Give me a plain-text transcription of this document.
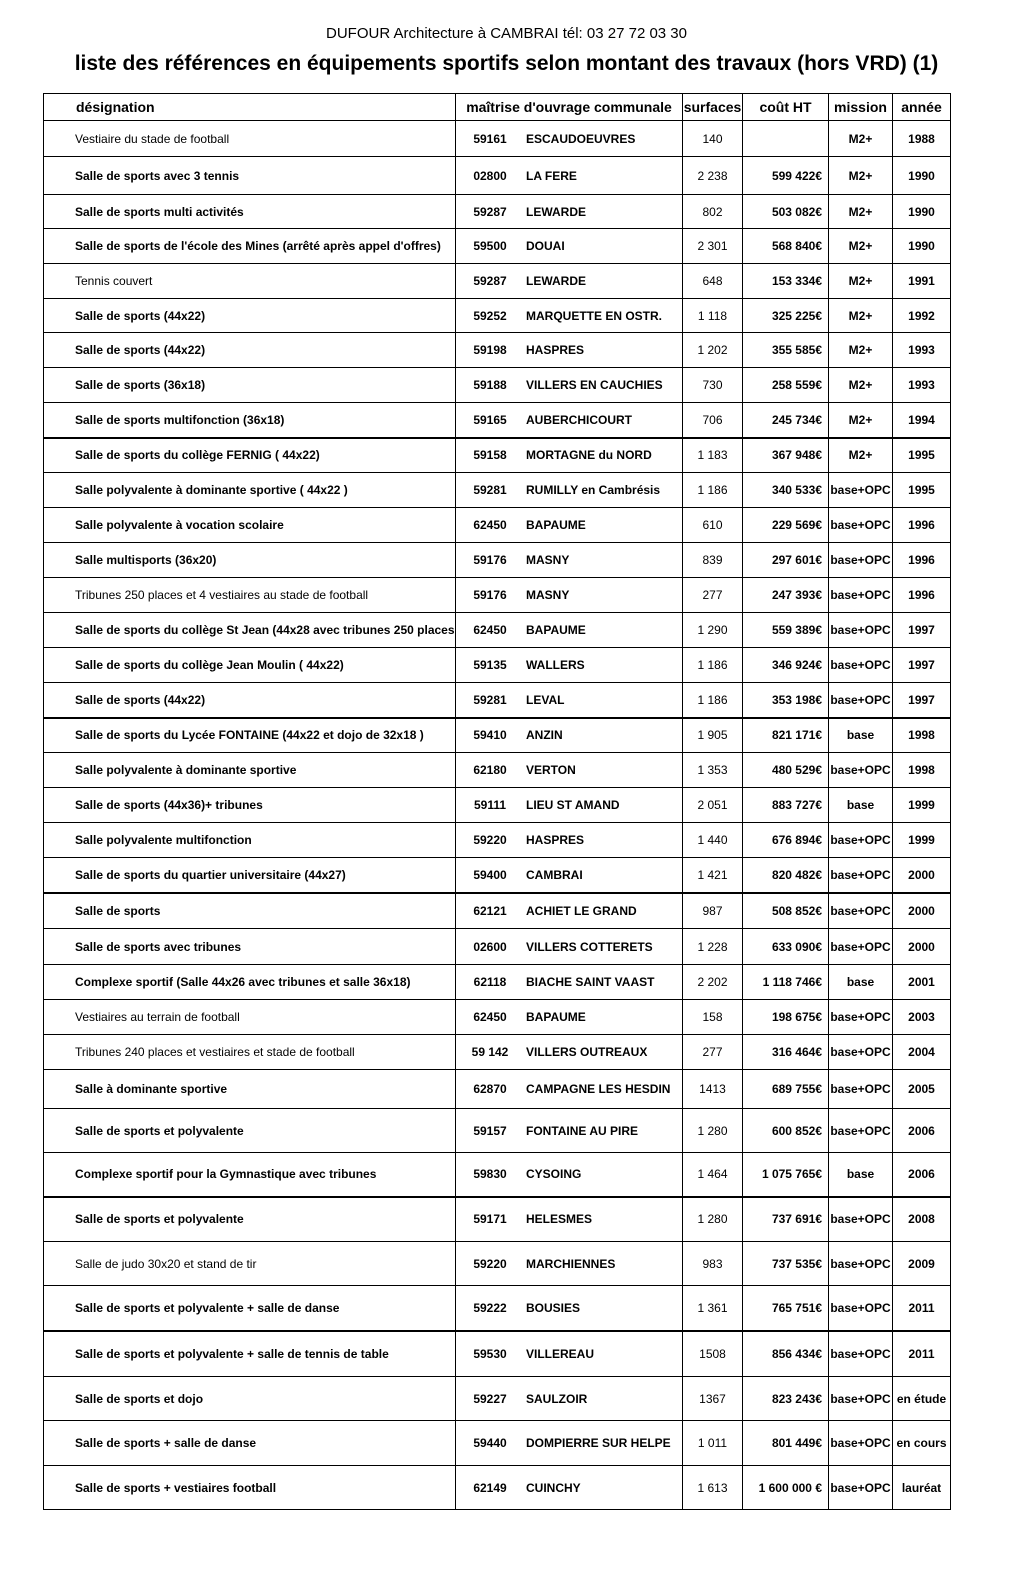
DUFOUR Architecture à CAMBRAI tél: 03 27 72 03 30
liste des références en équipements sportifs selon montant des travaux (hors VRD) (1)
désignation	maîtrise d'ouvrage communale	surfaces	coût HT	mission	année
Vestiaire du stade de football	59161 ESCAUDOEUVRES	140		M2+	1988
Salle de sports avec 3 tennis	02800 LA FERE	2 238	599 422€	M2+	1990
Salle de sports multi activités	59287 LEWARDE	802	503 082€	M2+	1990
Salle de sports de l'école des Mines (arrêté après appel d'offres)	59500 DOUAI	2 301	568 840€	M2+	1990
Tennis couvert	59287 LEWARDE	648	153 334€	M2+	1991
Salle de sports (44x22)	59252 MARQUETTE EN OSTR.	1 118	325 225€	M2+	1992
Salle de sports (44x22)	59198 HASPRES	1 202	355 585€	M2+	1993
Salle de sports (36x18)	59188 VILLERS EN CAUCHIES	730	258 559€	M2+	1993
Salle de sports multifonction (36x18)	59165 AUBERCHICOURT	706	245 734€	M2+	1994
Salle de sports du collège FERNIG ( 44x22)	59158 MORTAGNE du NORD	1 183	367 948€	M2+	1995
Salle polyvalente à dominante sportive ( 44x22 )	59281 RUMILLY en Cambrésis	1 186	340 533€	base+OPC	1995
Salle polyvalente à vocation scolaire	62450 BAPAUME	610	229 569€	base+OPC	1996
Salle multisports (36x20)	59176 MASNY	839	297 601€	base+OPC	1996
Tribunes 250 places et 4 vestiaires au stade de football	59176 MASNY	277	247 393€	base+OPC	1996
Salle de sports du collège St Jean (44x28 avec tribunes 250 places	62450 BAPAUME	1 290	559 389€	base+OPC	1997
Salle de sports du collège Jean Moulin ( 44x22)	59135 WALLERS	1 186	346 924€	base+OPC	1997
Salle de sports (44x22)	59281 LEVAL	1 186	353 198€	base+OPC	1997
Salle de sports du Lycée FONTAINE (44x22 et dojo de 32x18 )	59410 ANZIN	1 905	821 171€	base	1998
Salle polyvalente à dominante sportive	62180 VERTON	1 353	480 529€	base+OPC	1998
Salle de sports (44x36)+ tribunes	59111 LIEU ST AMAND	2 051	883 727€	base	1999
Salle polyvalente multifonction	59220 HASPRES	1 440	676 894€	base+OPC	1999
Salle de sports du quartier universitaire (44x27)	59400 CAMBRAI	1 421	820 482€	base+OPC	2000
Salle de sports	62121 ACHIET LE GRAND	987	508 852€	base+OPC	2000
Salle de sports avec tribunes	02600 VILLERS COTTERETS	1 228	633 090€	base+OPC	2000
Complexe sportif (Salle 44x26 avec tribunes et salle 36x18)	62118 BIACHE SAINT VAAST	2 202	1 118 746€	base	2001
Vestiaires au terrain de football	62450 BAPAUME	158	198 675€	base+OPC	2003
Tribunes 240 places et vestiaires et stade de football	59 142 VILLERS OUTREAUX	277	316 464€	base+OPC	2004
Salle à dominante sportive	62870 CAMPAGNE LES HESDIN	1413	689 755€	base+OPC	2005
Salle de sports et polyvalente	59157 FONTAINE AU PIRE	1 280	600 852€	base+OPC	2006
Complexe sportif pour la Gymnastique avec tribunes	59830 CYSOING	1 464	1 075 765€	base	2006
Salle de sports et polyvalente	59171 HELESMES	1 280	737 691€	base+OPC	2008
Salle de judo 30x20 et stand de tir	59220 MARCHIENNES	983	737 535€	base+OPC	2009
Salle de sports et polyvalente + salle de danse	59222 BOUSIES	1 361	765 751€	base+OPC	2011
Salle de sports et polyvalente + salle de tennis de table	59530VILLEREAU	1508	856 434€	base+OPC	2011
Salle de sports et dojo	59227 SAULZOIR	1367	823 243€	base+OPC	en étude
Salle de sports + salle de danse	59440 DOMPIERRE SUR HELPE	1 011	801 449€	base+OPC	en cours
Salle de sports + vestiaires football	62149 CUINCHY	1 613	1 600 000 €	base+OPC	lauréat
